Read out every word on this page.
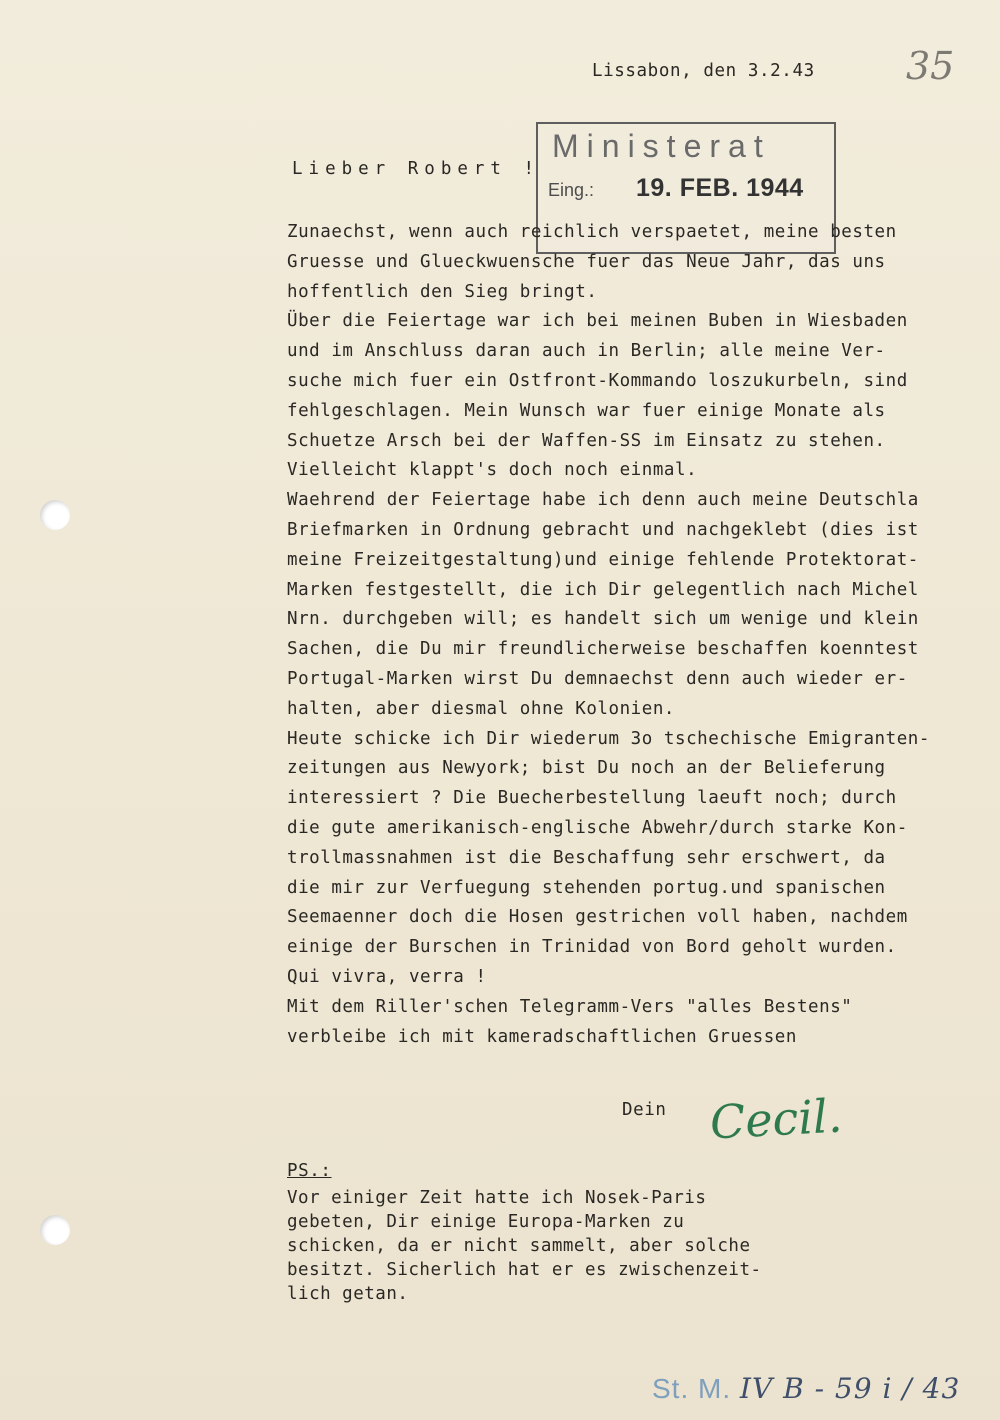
Lissabon, den 3.2.43 35
Lieber Robert !
Ministerat
Eing.: 19. FEB. 1944
Zunaechst, wenn auch reichlich verspaetet, meine besten
Gruesse und Glueckwuensche fuer das Neue Jahr, das uns
hoffentlich den Sieg bringt.
Über die Feiertage war ich bei meinen Buben in Wiesbaden
und im Anschluss daran auch in Berlin; alle meine Ver-
suche mich fuer ein Ostfront-Kommando loszukurbeln, sind
fehlgeschlagen. Mein Wunsch war fuer einige Monate als
Schuetze Arsch bei der Waffen-SS im Einsatz zu stehen.
Vielleicht klappt's doch noch einmal.
Waehrend der Feiertage habe ich denn auch meine Deutschla
Briefmarken in Ordnung gebracht und nachgeklebt (dies ist
meine Freizeitgestaltung)und einige fehlende Protektorat-
Marken festgestellt, die ich Dir gelegentlich nach Michel
Nrn. durchgeben will; es handelt sich um wenige und klein
Sachen, die Du mir freundlicherweise beschaffen koenntest
Portugal-Marken wirst Du demnaechst denn auch wieder er-
halten, aber diesmal ohne Kolonien.
Heute schicke ich Dir wiederum 3o tschechische Emigranten-
zeitungen aus Newyork; bist Du noch an der Belieferung
interessiert ? Die Buecherbestellung laeuft noch; durch
die gute amerikanisch-englische Abwehr/durch starke Kon-
trollmassnahmen ist die Beschaffung sehr erschwert, da
die mir zur Verfuegung stehenden portug.und spanischen
Seemaenner doch die Hosen gestrichen voll haben, nachdem
einige der Burschen in Trinidad von Bord geholt wurden.
Qui vivra, verra !
Mit dem Riller'schen Telegramm-Vers "alles Bestens"
verbleibe ich mit kameradschaftlichen Gruessen
Dein Cecil.
PS.:
Vor einiger Zeit hatte ich Nosek-Paris
gebeten, Dir einige Europa-Marken zu
schicken, da er nicht sammelt, aber solche
besitzt. Sicherlich hat er es zwischenzeit-
lich getan.
St. M. IV B - 59 i / 43
